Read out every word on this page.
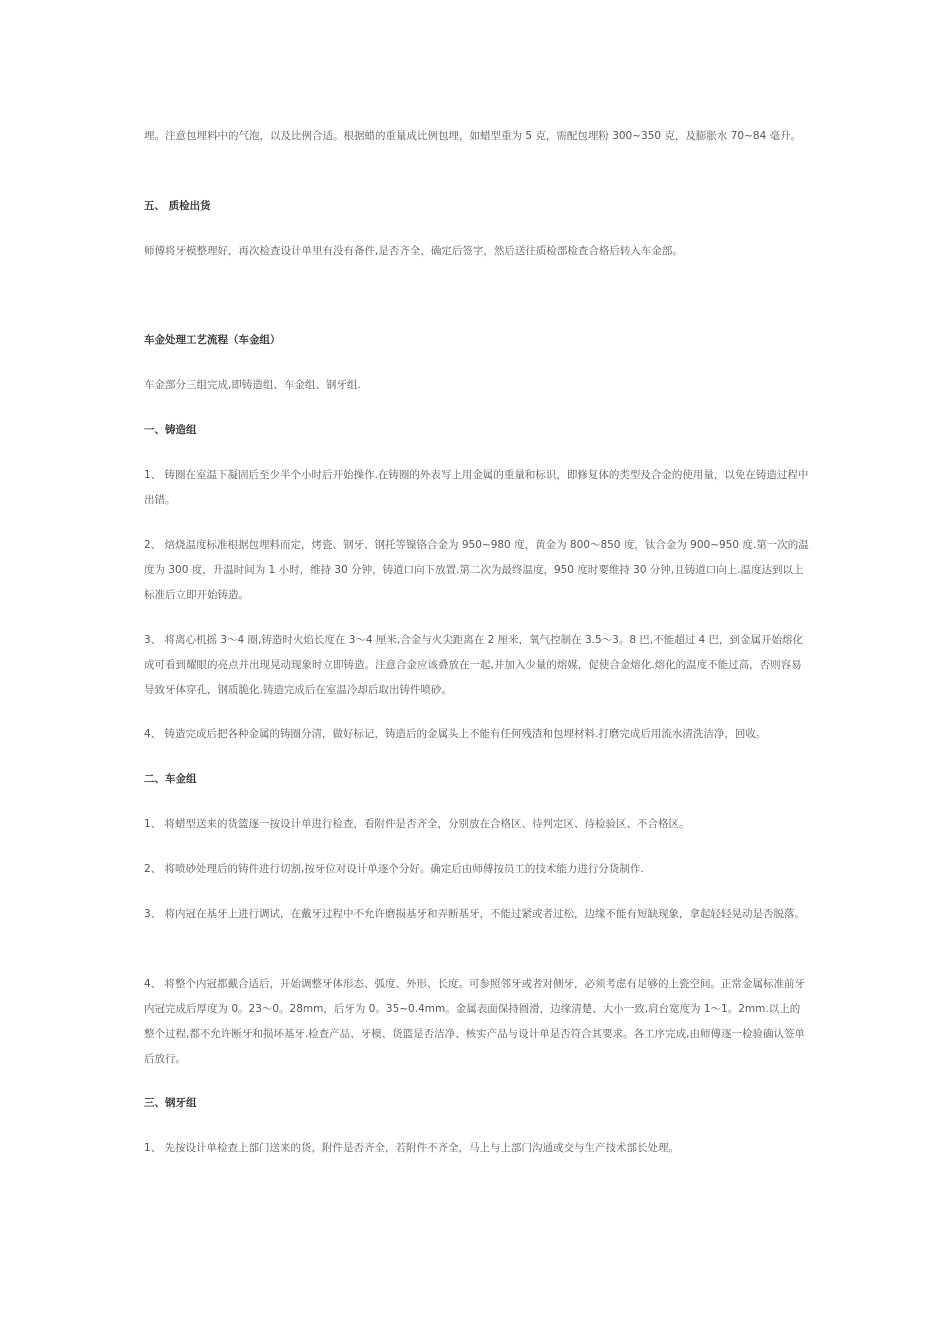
埋。注意包埋料中的气泡，以及比例合适。根据蜡的重量成比例包埋，如蜡型重为 5 克，需配包埋粉 300~350 克，及膨胀水 70~84 毫升。

五、 质检出货

师傅将牙模整理好，再次检查设计单里有没有备件,是否齐全，确定后签字，然后送往质检部检查合格后转入车金部。

车金处理工艺流程（车金组）

车金部分三组完成,即铸造组、车金组、钢牙组.

一、铸造组

1、 铸圈在室温下凝固后至少半个小时后开始操作.在铸圈的外表写上用金属的重量和标识，即修复体的类型及合金的使用量，以免在铸造过程中出错。

2、 焙烧温度标准根据包埋料而定，烤瓷、钢牙、钢托等镍铬合金为 950~980 度，黄金为 800～850 度，钛合金为 900~950 度.第一次的温度为 300 度，升温时间为 1 小时，维持 30 分钟，铸道口向下放置.第二次为最终温度，950 度时要维持 30 分钟,且铸道口向上.温度达到以上标准后立即开始铸造。

3、 将离心机摇 3～4 圈,铸造时火焰长度在 3～4 厘米,合金与火尖距离在 2 厘米，氧气控制在 3.5～3。8 巴,不能超过 4 巴，到金属开始熔化成可看到耀眼的亮点并出现晃动现象时立即铸造。注意合金应该叠放在一起,并加入少量的熔媒，促使合金熔化.熔化的温度不能过高，否则容易导致牙体穿孔，钢质脆化.铸造完成后在室温冷却后取出铸件喷砂。

4、 铸造完成后把各种金属的铸圈分清，做好标记，铸造后的金属头上不能有任何残渣和包埋材料.打磨完成后用流水清洗洁净，回收。

二、车金组

1、 将蜡型送来的货篮逐一按设计单进行检查，看附件是否齐全，分别放在合格区、待判定区、待检验区、不合格区。

2、 将喷砂处理后的铸件进行切割,按牙位对设计单逐个分好。确定后由师傅按员工的技术能力进行分货制作.

3、 将内冠在基牙上进行调试，在戴牙过程中不允许磨损基牙和弄断基牙，不能过紧或者过松，边缘不能有短缺现象，拿起轻轻晃动是否脱落。

4、 将整个内冠都戴合适后，开始调整牙体形态、弧度、外形、长度。可参照邻牙或者对侧牙，必须考虑有足够的上瓷空间。正常金属标准前牙内冠完成后厚度为 0。23～0。28mm，后牙为 0。35~0.4mm。金属表面保持圆滑，边缘清楚、大小一致,肩台宽度为 1～1。2mm.以上的整个过程,都不允许断牙和损坏基牙.检查产品、牙模、货篮是否洁净、核实产品与设计单是否符合其要求。各工序完成,由师傅逐一检验确认签单后放行。

三、钢牙组

1、 先按设计单检查上部门送来的货，附件是否齐全，若附件不齐全，马上与上部门沟通或交与生产技术部长处理。
